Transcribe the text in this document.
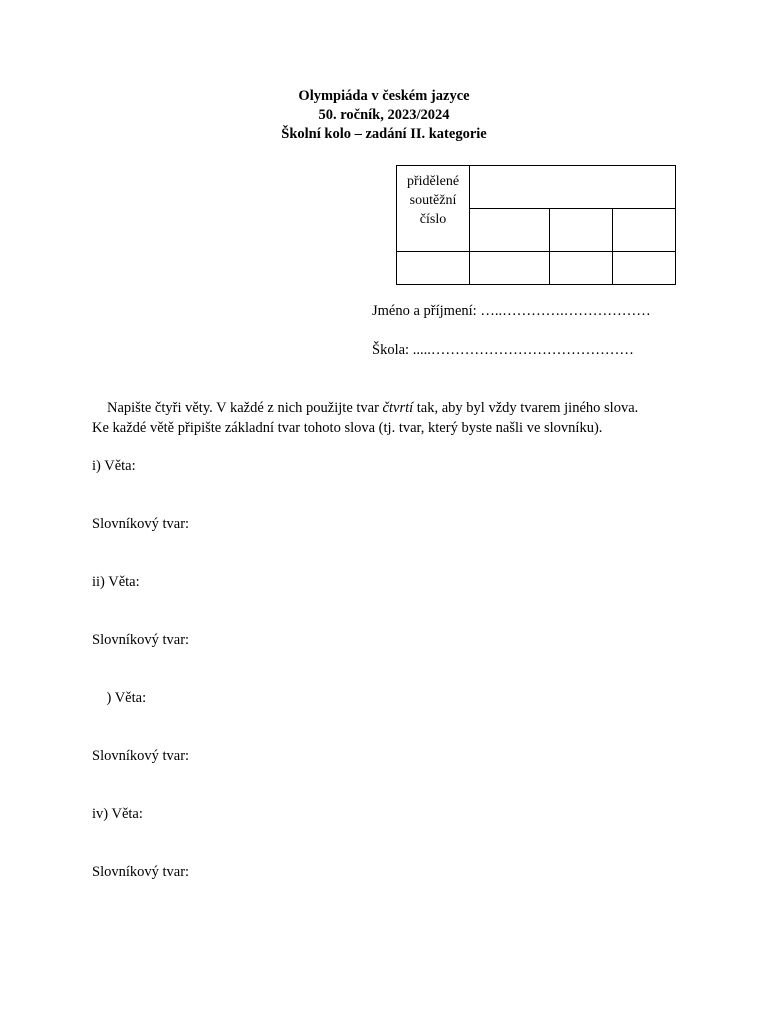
Olympiáda v českém jazyce
50. ročník, 2023/2024
Školní kolo – zadání II. kategorie
přidělené
soutěžní
číslo			

Jméno a příjmení: …..………….………………
Škola: .....……………………………………
Napište čtyři věty. V každé z nich použijte tvar čtvrtí tak, aby byl vždy tvarem jiného slova.
Ke každé větě připište základní tvar tohoto slova (tj. tvar, který byste našli ve slovníku).
i) Věta:
Slovníkový tvar:
ii) Věta:
Slovníkový tvar:
) Věta:
Slovníkový tvar:
iv) Věta:
Slovníkový tvar:
